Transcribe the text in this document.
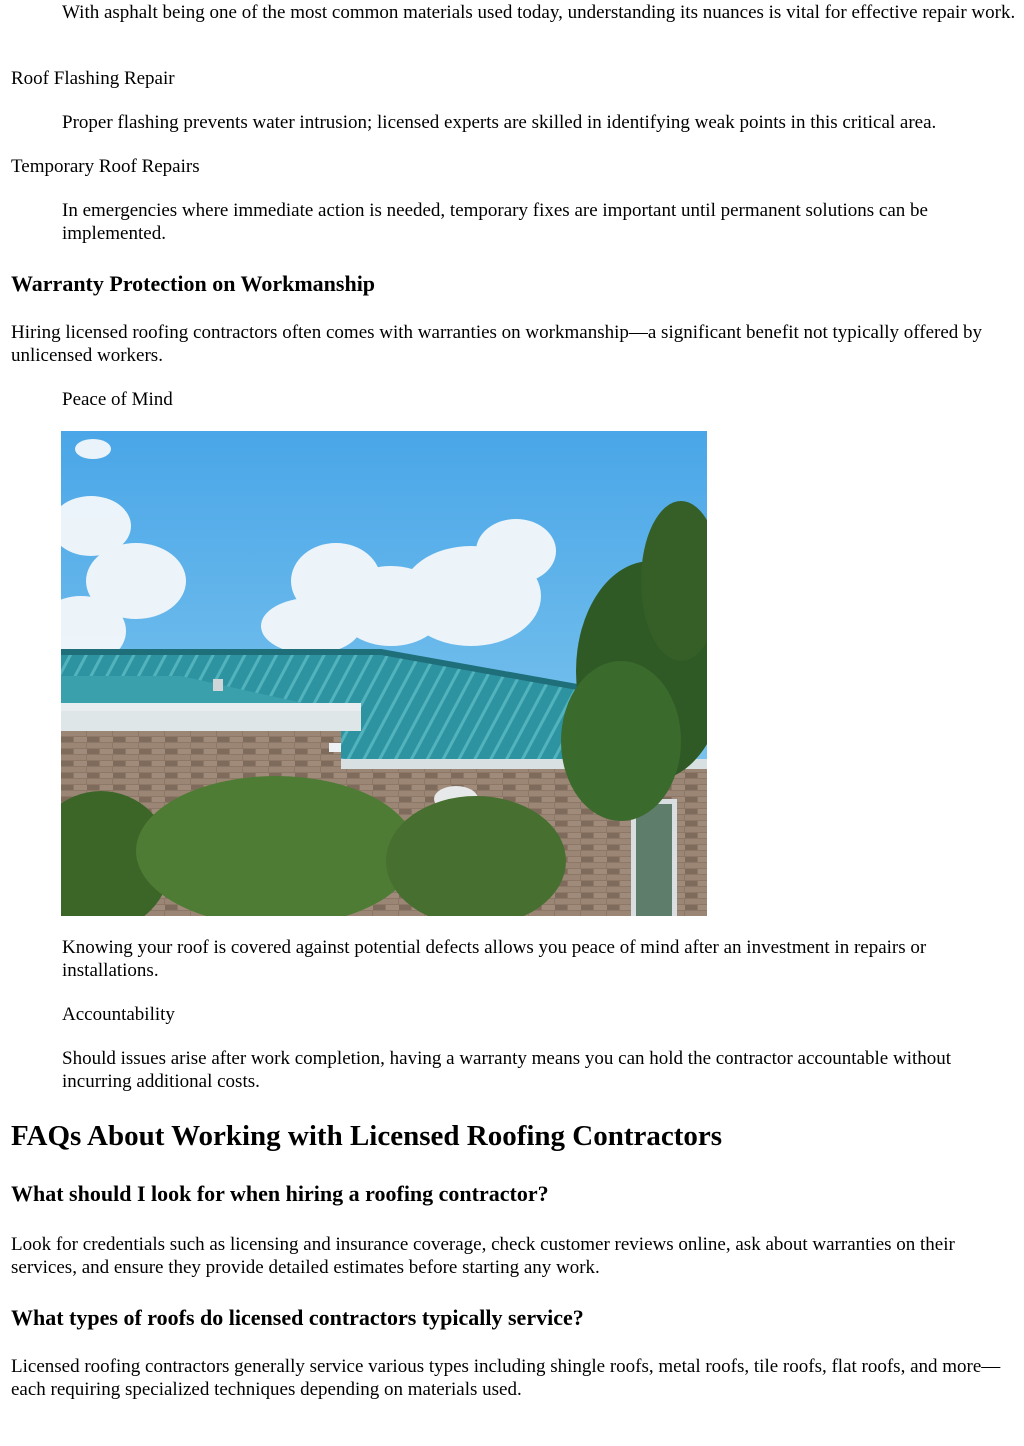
With asphalt being one of the most common materials used today, understanding its nuances is vital for effective repair work.

Roof Flashing Repair

Proper flashing prevents water intrusion; licensed experts are skilled in identifying weak points in this critical area.

Temporary Roof Repairs

In emergencies where immediate action is needed, temporary fixes are important until permanent solutions can be implemented.

Warranty Protection on Workmanship

Hiring licensed roofing contractors often comes with warranties on workmanship—a significant benefit not typically offered by unlicensed workers.

Peace of Mind

Knowing your roof is covered against potential defects allows you peace of mind after an investment in repairs or installations.

Accountability

Should issues arise after work completion, having a warranty means you can hold the contractor accountable without incurring additional costs.

FAQs About Working with Licensed Roofing Contractors
What should I look for when hiring a roofing contractor?

Look for credentials such as licensing and insurance coverage, check customer reviews online, ask about warranties on their services, and ensure they provide detailed estimates before starting any work.

What types of roofs do licensed contractors typically service?

Licensed roofing contractors generally service various types including shingle roofs, metal roofs, tile roofs, flat roofs, and more—each requiring specialized techniques depending on materials used.
